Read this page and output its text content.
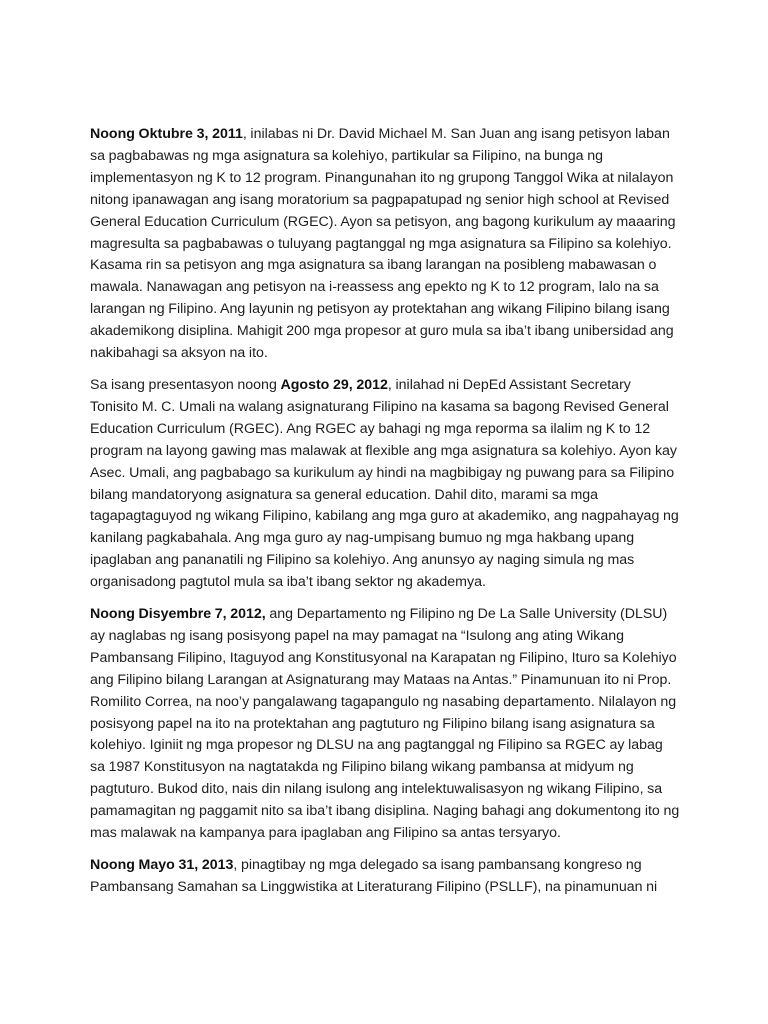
Noong Oktubre 3, 2011, inilabas ni Dr. David Michael M. San Juan ang isang petisyon laban sa pagbabawas ng mga asignatura sa kolehiyo, partikular sa Filipino, na bunga ng implementasyon ng K to 12 program. Pinangunahan ito ng grupong Tanggol Wika at nilalayon nitong ipanawagan ang isang moratorium sa pagpapatupad ng senior high school at Revised General Education Curriculum (RGEC). Ayon sa petisyon, ang bagong kurikulum ay maaaring magresulta sa pagbabawas o tuluyang pagtanggal ng mga asignatura sa Filipino sa kolehiyo. Kasama rin sa petisyon ang mga asignatura sa ibang larangan na posibleng mabawasan o mawala. Nanawagan ang petisyon na i-reassess ang epekto ng K to 12 program, lalo na sa larangan ng Filipino. Ang layunin ng petisyon ay protektahan ang wikang Filipino bilang isang akademikong disiplina. Mahigit 200 mga propesor at guro mula sa iba’t ibang unibersidad ang nakibahagi sa aksyon na ito.

Sa isang presentasyon noong Agosto 29, 2012, inilahad ni DepEd Assistant Secretary Tonisito M. C. Umali na walang asignaturang Filipino na kasama sa bagong Revised General Education Curriculum (RGEC). Ang RGEC ay bahagi ng mga reporma sa ilalim ng K to 12 program na layong gawing mas malawak at flexible ang mga asignatura sa kolehiyo. Ayon kay Asec. Umali, ang pagbabago sa kurikulum ay hindi na magbibigay ng puwang para sa Filipino bilang mandatoryong asignatura sa general education. Dahil dito, marami sa mga tagapagtaguyod ng wikang Filipino, kabilang ang mga guro at akademiko, ang nagpahayag ng kanilang pagkabahala. Ang mga guro ay nag-umpisang bumuo ng mga hakbang upang ipaglaban ang pananatili ng Filipino sa kolehiyo. Ang anunsyo ay naging simula ng mas organisadong pagtutol mula sa iba’t ibang sektor ng akademya.

Noong Disyembre 7, 2012, ang Departamento ng Filipino ng De La Salle University (DLSU) ay naglabas ng isang posisyong papel na may pamagat na “Isulong ang ating Wikang Pambansang Filipino, Itaguyod ang Konstitusyonal na Karapatan ng Filipino, Ituro sa Kolehiyo ang Filipino bilang Larangan at Asignaturang may Mataas na Antas.” Pinamunuan ito ni Prop. Romilito Correa, na noo’y pangalawang tagapangulo ng nasabing departamento. Nilalayon ng posisyong papel na ito na protektahan ang pagtuturo ng Filipino bilang isang asignatura sa kolehiyo. Iginiit ng mga propesor ng DLSU na ang pagtanggal ng Filipino sa RGEC ay labag sa 1987 Konstitusyon na nagtatakda ng Filipino bilang wikang pambansa at midyum ng pagtuturo. Bukod dito, nais din nilang isulong ang intelektuwalisasyon ng wikang Filipino, sa pamamagitan ng paggamit nito sa iba’t ibang disiplina. Naging bahagi ang dokumentong ito ng mas malawak na kampanya para ipaglaban ang Filipino sa antas tersyaryo.

Noong Mayo 31, 2013, pinagtibay ng mga delegado sa isang pambansang kongreso ng Pambansang Samahan sa Linggwistika at Literaturang Filipino (PSLLF), na pinamunuan ni
